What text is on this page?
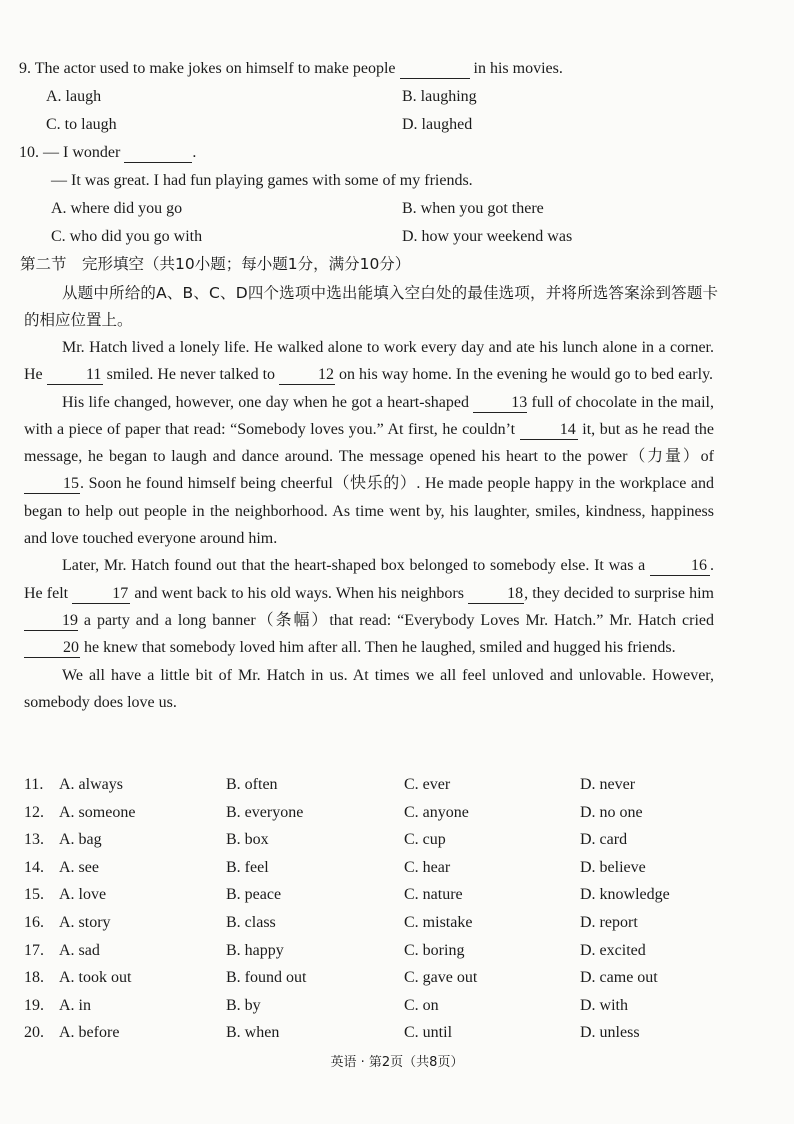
9. The actor used to make jokes on himself to make people	in his movies.
A. laugh	B. laughing
C. to laugh	D. laughed
10. — I wonder	.
— It was great. I had fun playing games with some of my friends.
A. where did you go	B. when you got there
C. who did you go with	D. how your weekend was
第二节　完形填空（共10小题；每小题1分，满分10分）

从题中所给的A、B、C、D四个选项中选出能填入空白处的最佳选项，并将所选答案涂到答题卡的相应位置上。

Mr. Hatch lived a lonely life. He walked alone to work every day and ate his lunch alone in a corner. He 11 smiled. He never talked to 12 on his way home. In the evening he would go to bed early.

His life changed, however, one day when he got a heart-shaped 13 full of chocolate in the mail, with a piece of paper that read: “Somebody loves you.” At first, he couldn’t	14 it, but as he read the message, he began to laugh and dance around. The message opened his heart to the power（力量）of 15. Soon he found himself being cheerful（快乐的）. He made people happy in the workplace and began to help out people in the neighborhood. As time went by, his laughter, smiles, kindness, happiness and love touched everyone around him.

Later, Mr. Hatch found out that the heart-shaped box belonged to somebody else. It was a	16 . He felt	17 and went back to his old ways. When his neighbors 18, they decided to surprise him 19 a party and a long banner（条幅）that read: “Everybody Loves Mr. Hatch.” Mr. Hatch cried 20 he knew that somebody loved him after all. Then he laughed, smiled and hugged his friends.

We all have a little bit of Mr. Hatch in us. At times we all feel unloved and unlovable. However, somebody does love us.

11. A. always	B. often	C. ever	D. never
12. A. someone	B. everyone	C. anyone	D. no one
13. A. bag	B. box	C. cup	D. card
14. A. see	B. feel	C. hear	D. believe
15. A. love	B. peace	C. nature	D. knowledge
16. A. story	B. class	C. mistake	D. report
17. A. sad	B. happy	C. boring	D. excited
18. A. took out	B. found out	C. gave out	D. came out
19. A. in	B. by	C. on	D. with
20. A. before	B. when	C. until	D. unless
英语 · 第2页（共8页）
